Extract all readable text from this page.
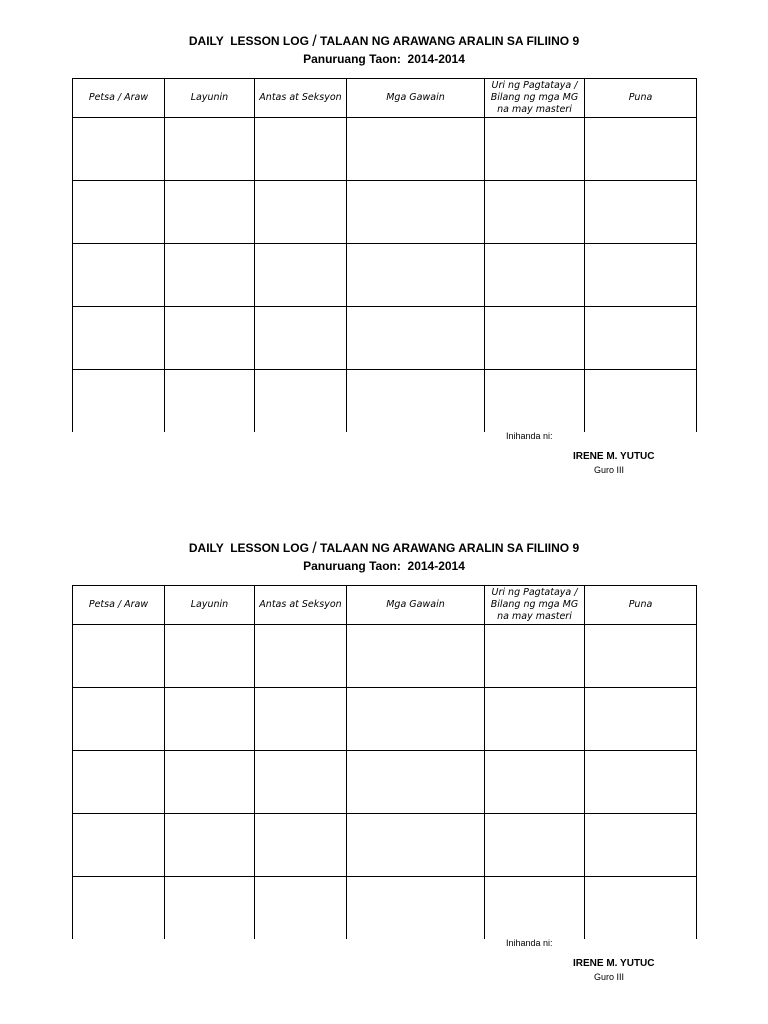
DAILY  LESSON LOG / TALAAN NG ARAWANG ARALIN SA FILIINO 9
Panuruang Taon:  2014-2014
Petsa / Araw	Layunin	Antas at Seksyon	Mga Gawain	Uri ng Pagtataya /
Bilang ng mga MG
na may masteri	Puna

Inihanda ni:
IRENE M. YUTUC
Guro III
DAILY  LESSON LOG / TALAAN NG ARAWANG ARALIN SA FILIINO 9
Panuruang Taon:  2014-2014
Petsa / Araw	Layunin	Antas at Seksyon	Mga Gawain	Uri ng Pagtataya /
Bilang ng mga MG
na may masteri	Puna

Inihanda ni:
IRENE M. YUTUC
Guro III
